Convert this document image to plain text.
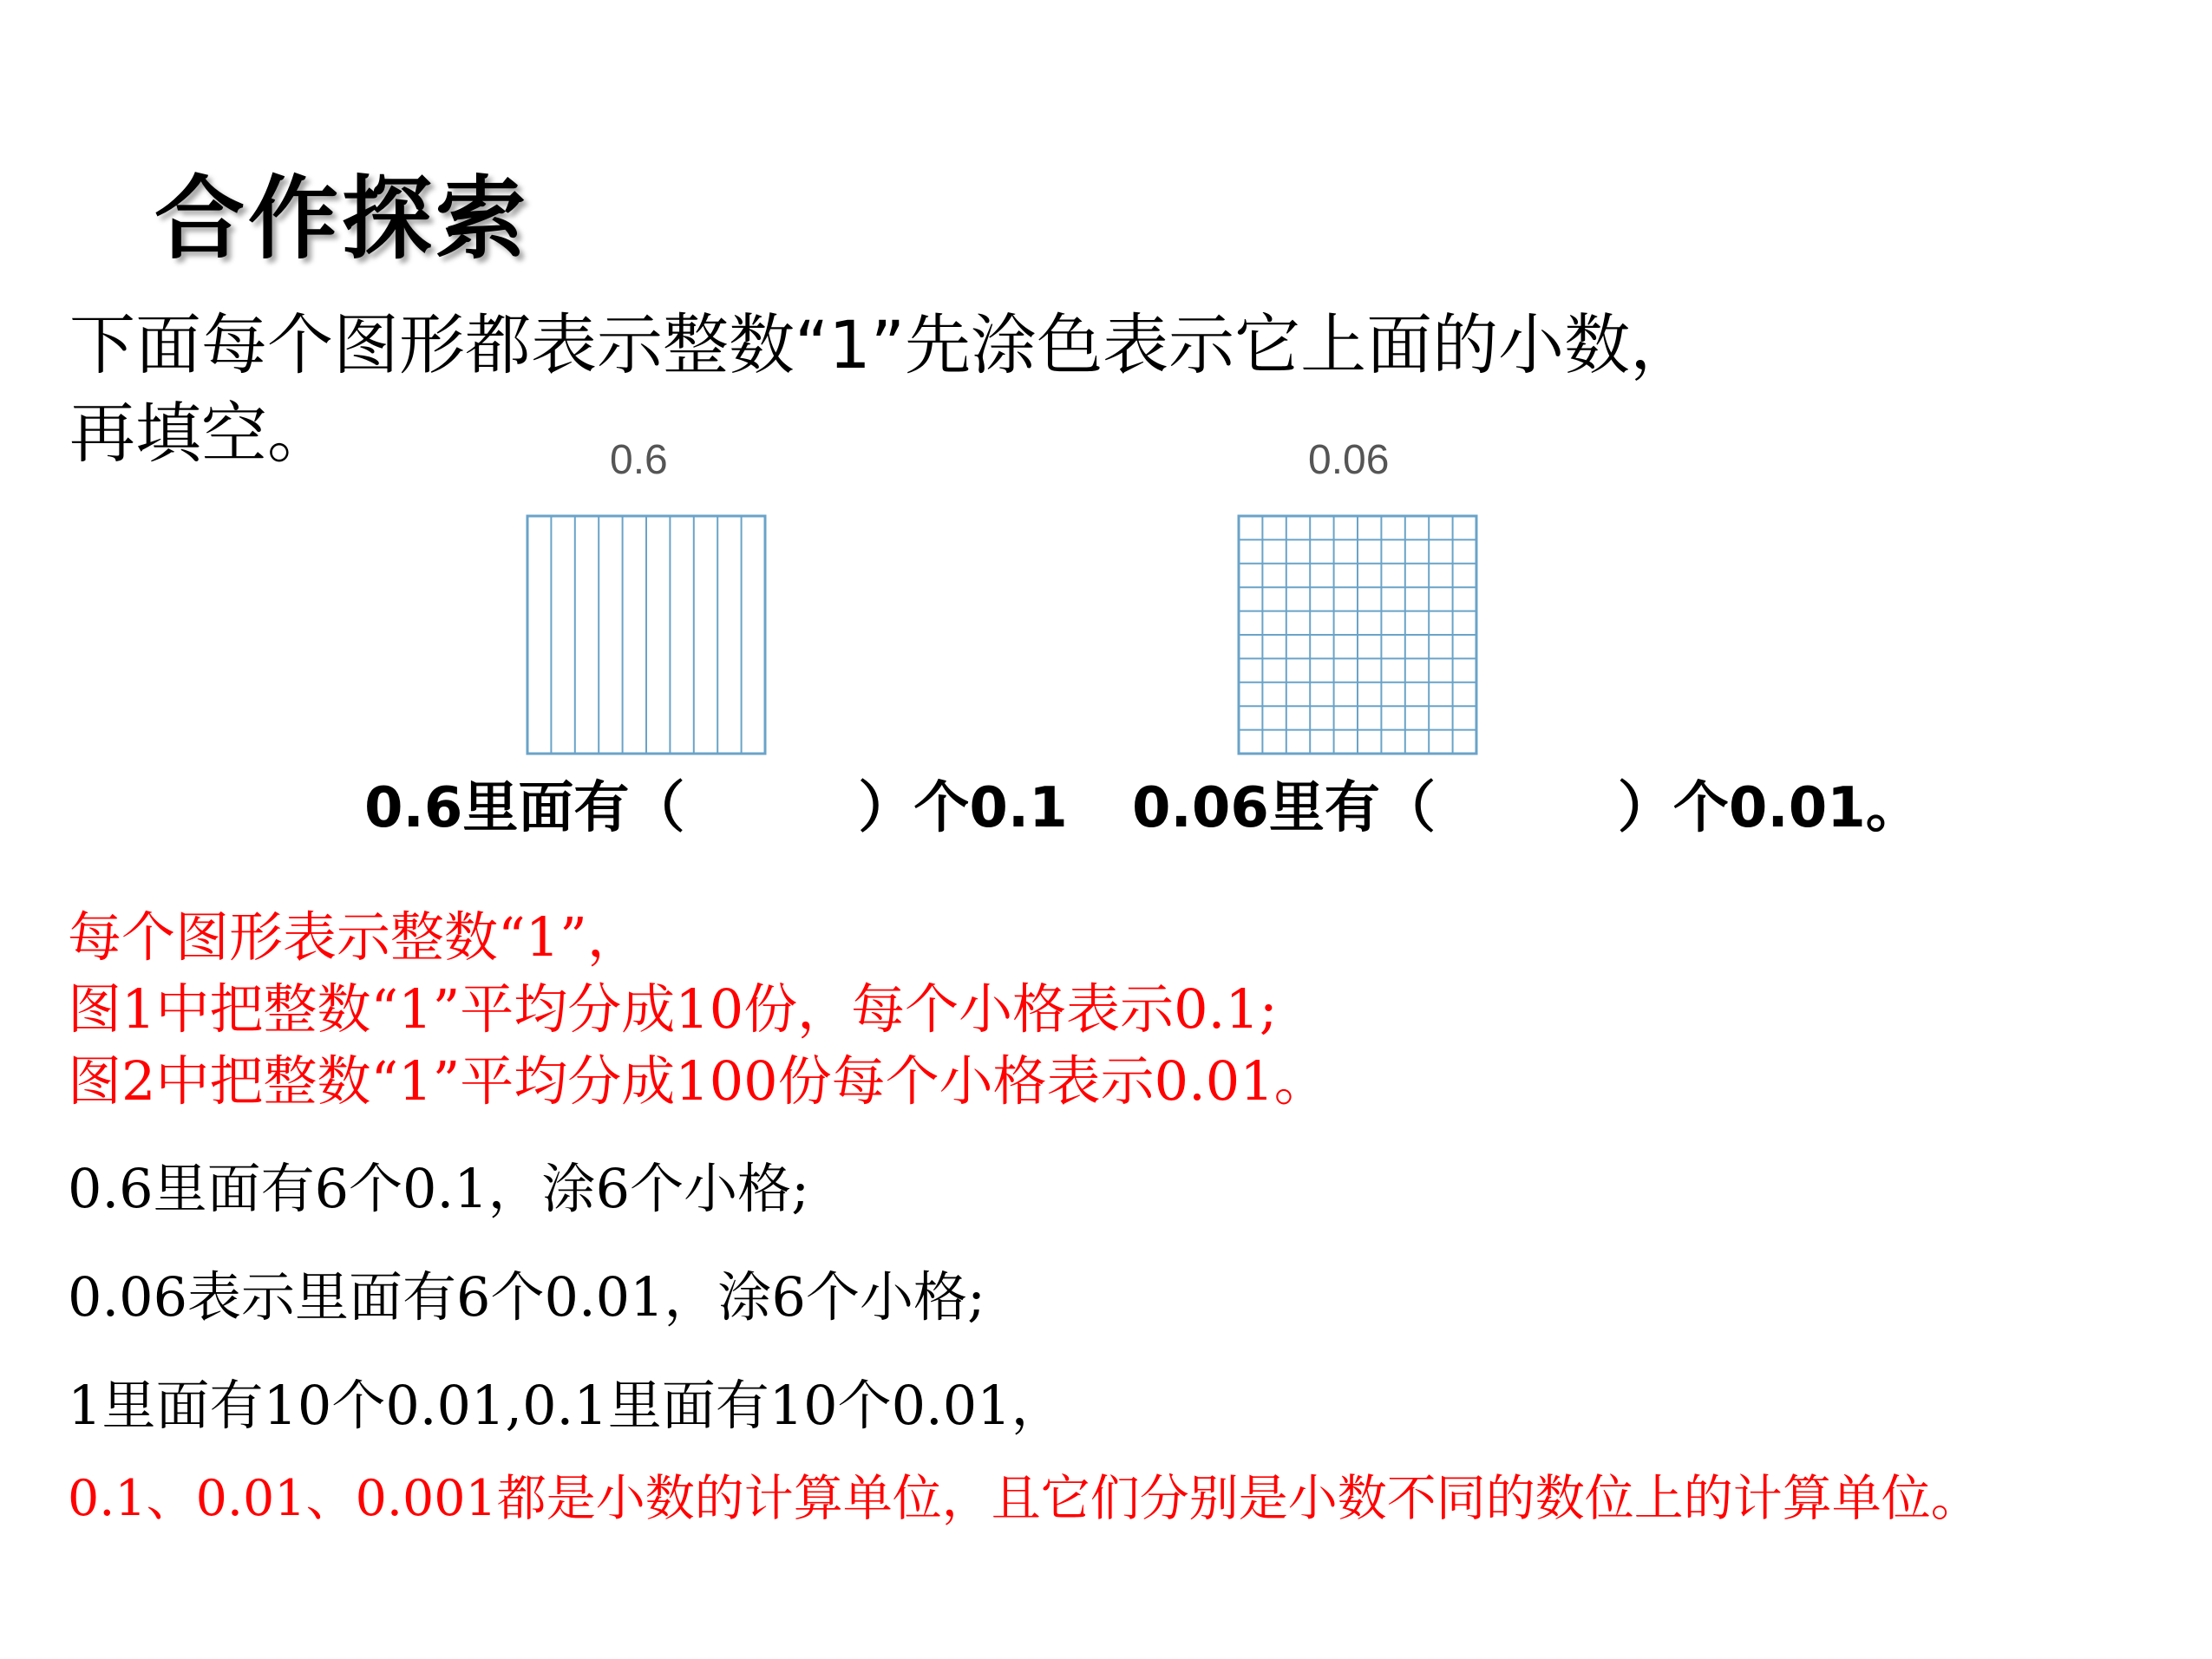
合作探索
下面每个图形都表示整数“1”先涂色表示它上面的小数，
再填空。	0.6	0.06
0.6里面有（	）个0.1 0.06里有（	）个0.01。
每个图形表示整数“1”，
图1中把整数“1”平均分成10份，每个小格表示0.1;
图2中把整数“1”平均分成100份每个小格表示0.01。
0.6里面有6个0.1，涂6个小格;
0.06表示里面有6个0.01，涂6个小格;
1里面有10个0.01,0.1里面有10个0.01，
0.1、0.01、0.001都是小数的计算单位，且它们分别是小数不同的数位上的计算单位。
